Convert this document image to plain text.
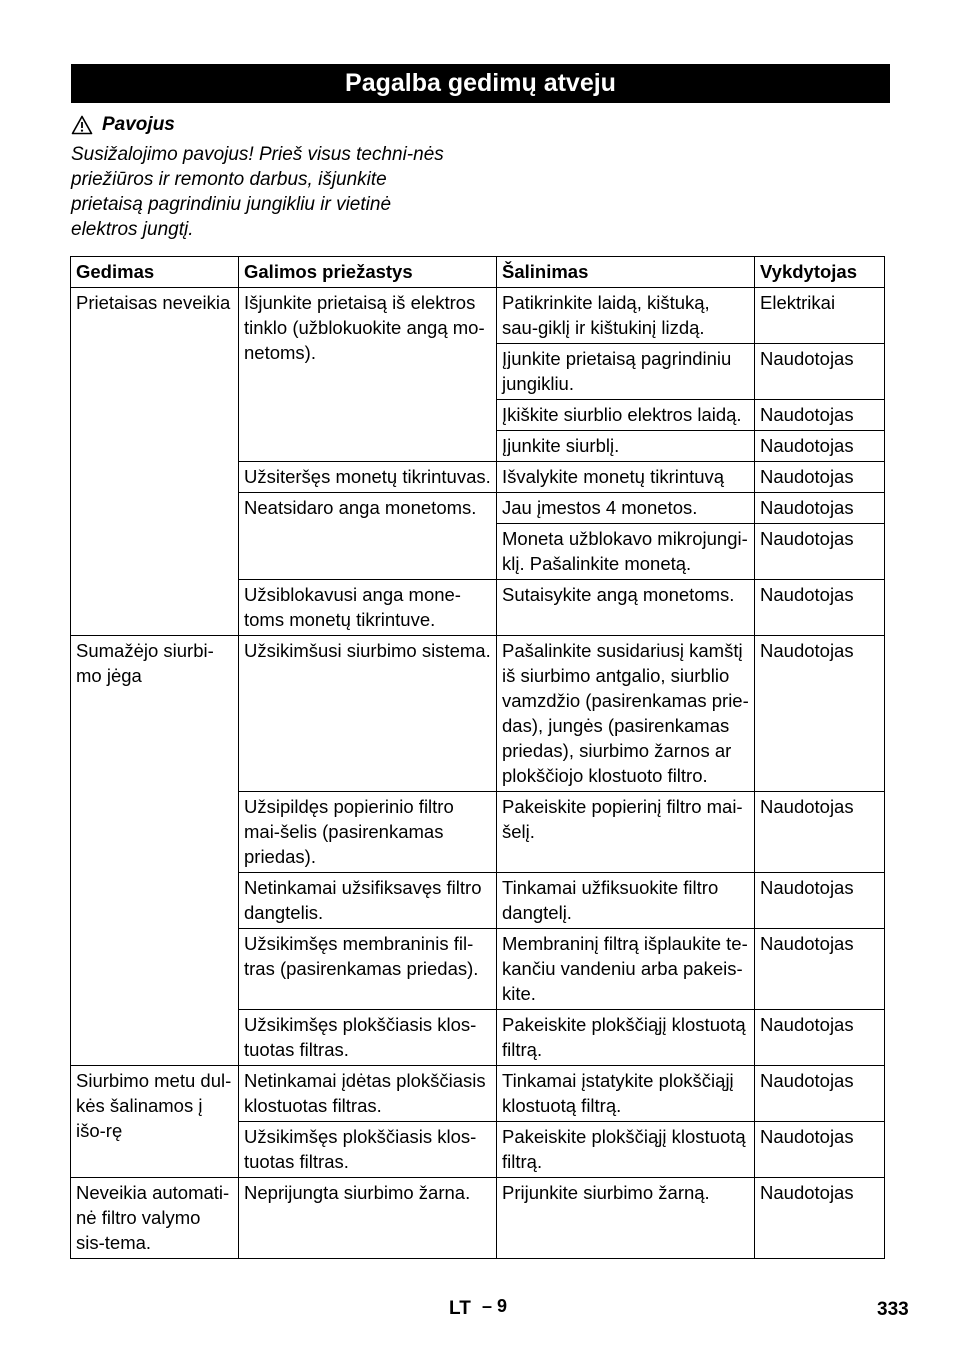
Pagalba gedimų atveju
Pavojus
Susižalojimo pavojus! Prieš visus techni-nės priežiūros ir remonto darbus, išjunkite prietaisą pagrindiniu jungikliu ir vietinė elektros jungtį.
Gedimas	Galimos priežastys	Šalinimas	Vykdytojas
Prietaisas neveikia	Išjunkite prietaisą iš elektros tinklo (užblokuokite angą mo-netoms).	Patikrinkite laidą, kištuką, sau-giklį ir kištukinį lizdą.	Elektrikai
		Įjunkite prietaisą pagrindiniu jungikliu.	Naudotojas
		Įkiškite siurblio elektros laidą.	Naudotojas
		Įjunkite siurblį.	Naudotojas
	Užsiteršęs monetų tikrintuvas.	Išvalykite monetų tikrintuvą	Naudotojas
	Neatsidaro anga monetoms.	Jau įmestos 4 monetos.	Naudotojas
		Moneta užblokavo mikrojungi-klį. Pašalinkite monetą.	Naudotojas
	Užsiblokavusi anga mone-toms monetų tikrintuve.	Sutaisykite angą monetoms.	Naudotojas
Sumažėjo siurbi-mo jėga	Užsikimšusi siurbimo sistema.	Pašalinkite susidariusį kamštį iš siurbimo antgalio, siurblio vamzdžio (pasirenkamas prie-das), jungės (pasirenkamas priedas), siurbimo žarnos ar plokščiojo klostuoto filtro.	Naudotojas
	Užsipildęs popierinio filtro mai-šelis (pasirenkamas priedas).	Pakeiskite popierinį filtro mai-šelį.	Naudotojas
	Netinkamai užsifiksavęs filtro dangtelis.	Tinkamai užfiksuokite filtro dangtelį.	Naudotojas
	Užsikimšęs membraninis fil-tras (pasirenkamas priedas).	Membraninį filtrą išplaukite te-kančiu vandeniu arba pakeis-kite.	Naudotojas
	Užsikimšęs plokščiasis klos-tuotas filtras.	Pakeiskite plokščiąjį klostuotą filtrą.	Naudotojas
Siurbimo metu dul-kės šalinamos į išo-rę	Netinkamai įdėtas plokščiasis klostuotas filtras.	Tinkamai įstatykite plokščiąjį klostuotą filtrą.	Naudotojas
	Užsikimšęs plokščiasis klos-tuotas filtras.	Pakeiskite plokščiąjį klostuotą filtrą.	Naudotojas
Neveikia automati-nė filtro valymo sis-tema.	Neprijungta siurbimo žarna.	Prijunkite siurbimo žarną.	Naudotojas
LT – 9	333
